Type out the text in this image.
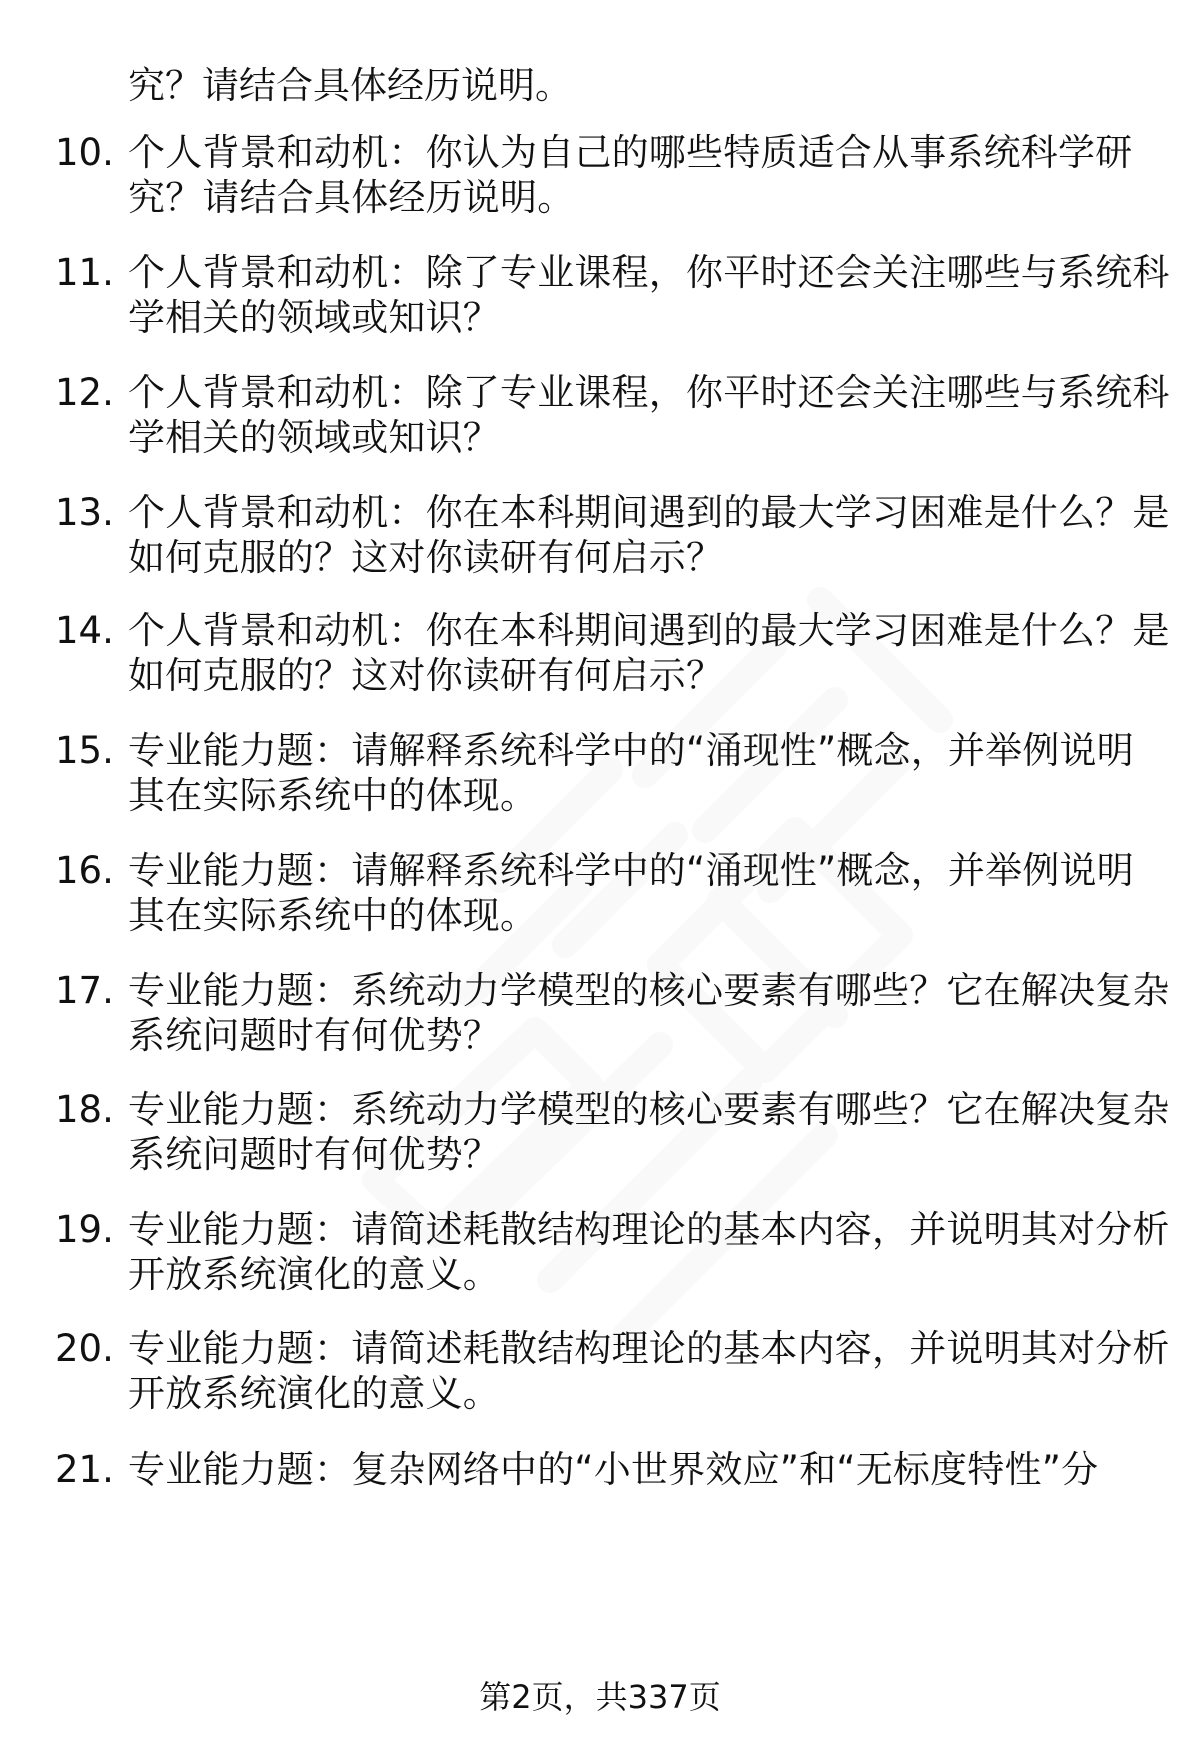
究？请结合具体经历说明。
10. 个人背景和动机：你认为自己的哪些特质适合从事系统科学研
究？请结合具体经历说明。
11. 个人背景和动机：除了专业课程，你平时还会关注哪些与系统科
学相关的领域或知识？
12. 个人背景和动机：除了专业课程，你平时还会关注哪些与系统科
学相关的领域或知识？
13. 个人背景和动机：你在本科期间遇到的最大学习困难是什么？是
如何克服的？这对你读研有何启示？
14. 个人背景和动机：你在本科期间遇到的最大学习困难是什么？是
如何克服的？这对你读研有何启示？
15. 专业能力题：请解释系统科学中的“涌现性”概念，并举例说明
其在实际系统中的体现。
16. 专业能力题：请解释系统科学中的“涌现性”概念，并举例说明
其在实际系统中的体现。
17. 专业能力题：系统动力学模型的核心要素有哪些？它在解决复杂
系统问题时有何优势？
18. 专业能力题：系统动力学模型的核心要素有哪些？它在解决复杂
系统问题时有何优势？
19. 专业能力题：请简述耗散结构理论的基本内容，并说明其对分析
开放系统演化的意义。
20. 专业能力题：请简述耗散结构理论的基本内容，并说明其对分析
开放系统演化的意义。
21. 专业能力题：复杂网络中的“小世界效应”和“无标度特性”分
第2页，共337页
